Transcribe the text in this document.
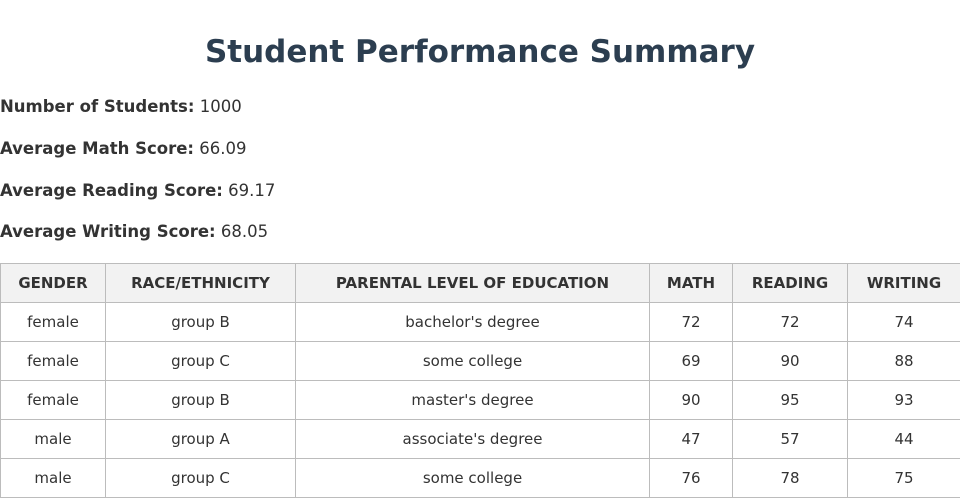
Student Performance Summary

Number of Students: 1000

Average Math Score: 66.09

Average Reading Score: 69.17

Average Writing Score: 68.05

GENDER	RACE/ETHNICITY	PARENTAL LEVEL OF EDUCATION	MATH	READING	WRITING
female	group B	bachelor's degree	72	72	74
female	group C	some college	69	90	88
female	group B	master's degree	90	95	93
male	group A	associate's degree	47	57	44
male	group C	some college	76	78	75
